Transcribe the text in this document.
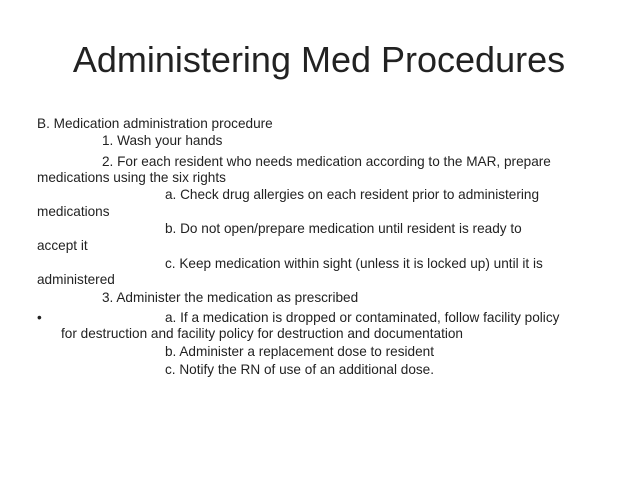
Administering Med Procedures
B. Medication administration procedure
1. Wash your hands
2. For each resident who needs medication according to the MAR, prepare
medications using the six rights
a. Check drug allergies on each resident prior to administering
medications
b. Do not open/prepare medication until resident is ready to
accept it
c. Keep medication within sight (unless it is locked up) until it is
administered
3. Administer the medication as prescribed
•	a. If a medication is dropped or contaminated, follow facility policy
for destruction and facility policy for destruction and documentation
b. Administer a replacement dose to resident
c. Notify the RN of use of an additional dose.
